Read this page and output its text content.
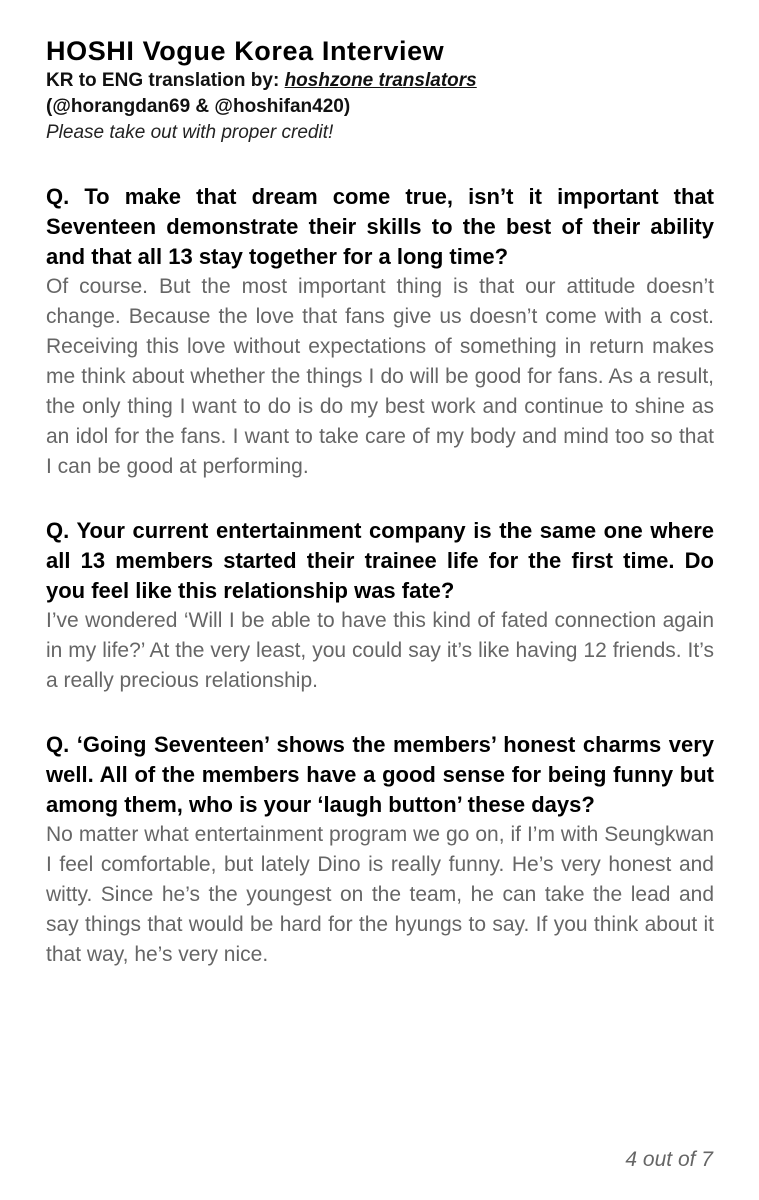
HOSHI Vogue Korea Interview

KR to ENG translation by: hoshzone translators

(@horangdan69 & @hoshifan420)

Please take out with proper credit!

Q. To make that dream come true, isn’t it important that Seventeen demonstrate their skills to the best of their ability and that all 13 stay together for a long time?

Of course. But the most important thing is that our attitude doesn’t change. Because the love that fans give us doesn’t come with a cost. Receiving this love without expectations of something in return makes me think about whether the things I do will be good for fans. As a result, the only thing I want to do is do my best work and continue to shine as an idol for the fans. I want to take care of my body and mind too so that I can be good at performing.

Q. Your current entertainment company is the same one where all 13 members started their trainee life for the first time. Do you feel like this relationship was fate?

I’ve wondered ‘Will I be able to have this kind of fated connection again in my life?’ At the very least, you could say it’s like having 12 friends. It’s a really precious relationship.

Q. ‘Going Seventeen’ shows the members’ honest charms very well. All of the members have a good sense for being funny but among them, who is your ‘laugh button’ these days?

No matter what entertainment program we go on, if I’m with Seungkwan I feel comfortable, but lately Dino is really funny. He’s very honest and witty. Since he’s the youngest on the team, he can take the lead and say things that would be hard for the hyungs to say. If you think about it that way, he’s very nice.

4 out of 7
